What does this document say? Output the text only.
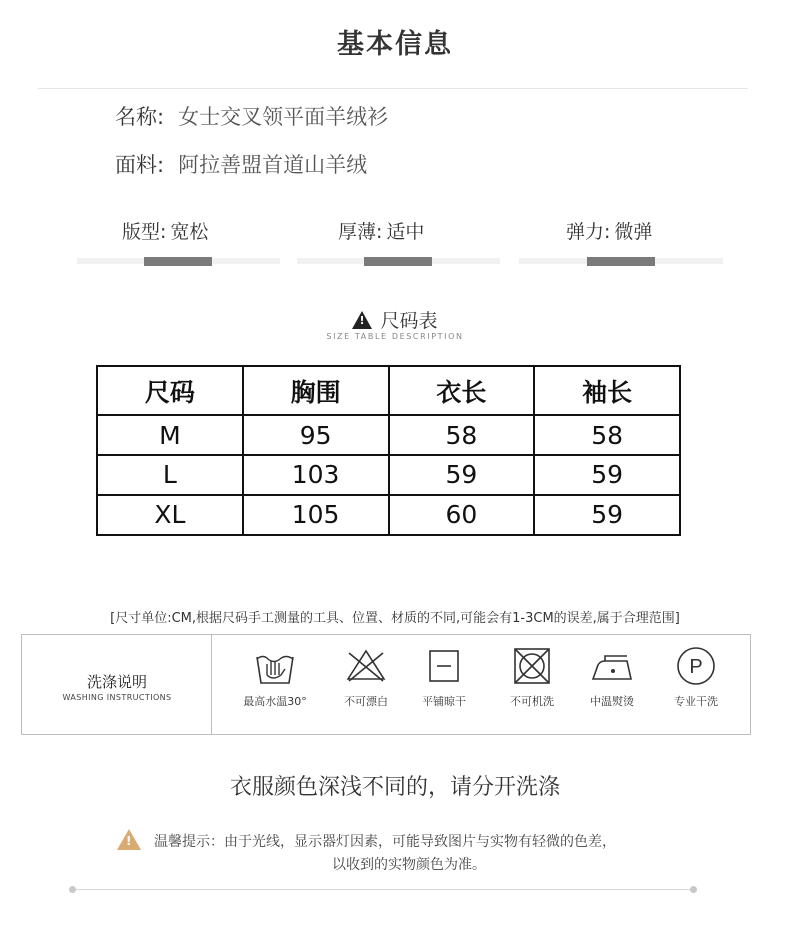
基本信息
名称: 女士交叉领平面羊绒衫
面料: 阿拉善盟首道山羊绒
版型: 宽松	厚薄: 适中	弹力: 微弹
!尺码表
SIZE TABLE DESCRIPTION
尺码	胸围	衣长	袖长
M	95	58	58
L	103	59	59
XL	105	60	59
[尺寸单位:CM,根据尺码手工测量的工具、位置、材质的不同,可能会有1-3CM的误差,属于合理范围]
洗涤说明
WASHING INSTRUCTIONS	最高水温30°	不可漂白	平铺晾干	不可机洗	中温熨烫
P
专业干洗
衣服颜色深浅不同的，请分开洗涤
!
温馨提示：由于光线，显示器灯因素，可能导致图片与实物有轻微的色差，
以收到的实物颜色为准。
